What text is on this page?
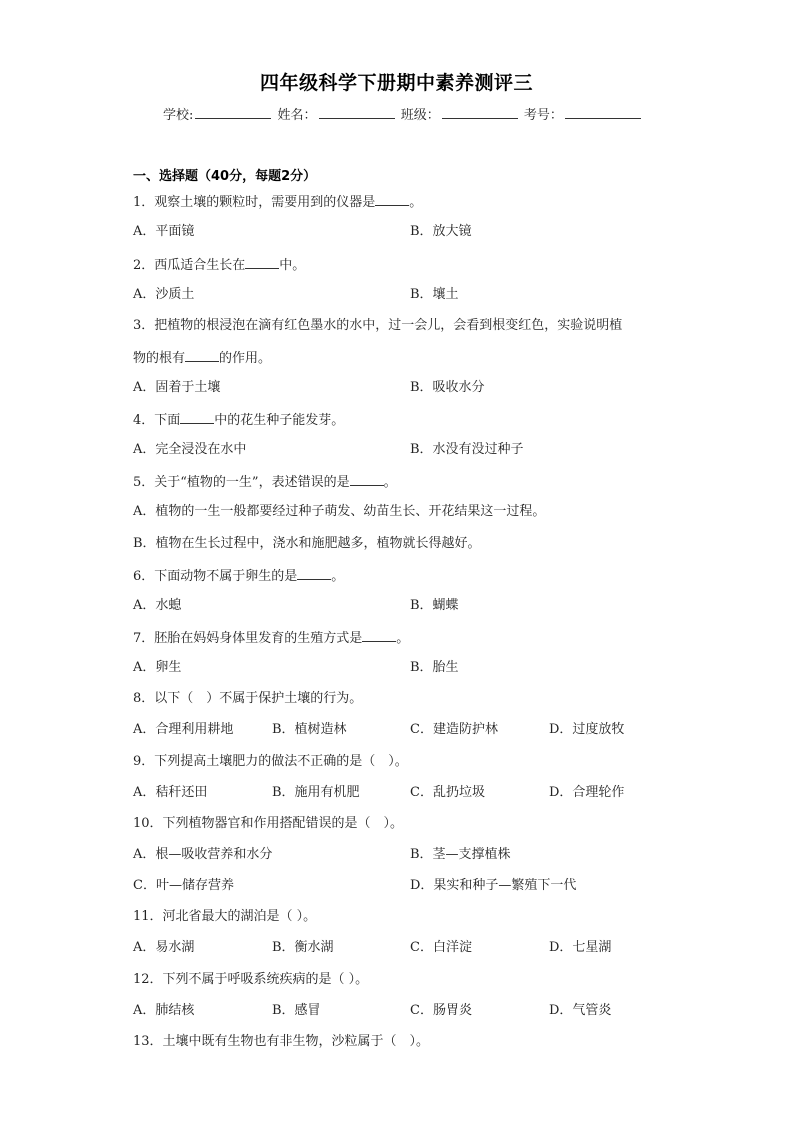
四年级科学下册期中素养测评三
学校:	姓名：	班级：	考号：
一、选择题（40分，每题2分）
1．观察土壤的颗粒时，需要用到的仪器是	。
A．平面镜	B．放大镜
2．西瓜适合生长在	中。
A．沙质土	B．壤土
3．把植物的根浸泡在滴有红色墨水的水中，过一会儿，会看到根变红色，实验说明植
物的根有	的作用。
A．固着于土壤	B．吸收水分
4．下面	中的花生种子能发芽。
A．完全浸没在水中	B．水没有没过种子
5．关于“植物的一生”，表述错误的是	。
A．植物的一生一般都要经过种子萌发、幼苗生长、开花结果这一过程。
B．植物在生长过程中，浇水和施肥越多，植物就长得越好。
6．下面动物不属于卵生的是	。
A．水螅	B．蝴蝶
7．胚胎在妈妈身体里发育的生殖方式是	。
A．卵生	B．胎生
8．以下（　）不属于保护土壤的行为。
A．合理利用耕地	B．植树造林	C．建造防护林	D．过度放牧
9．下列提高土壤肥力的做法不正确的是（　）。
A．秸秆还田	B．施用有机肥	C．乱扔垃圾	D．合理轮作
10．下列植物器官和作用搭配错误的是（　）。
A．根—吸收营养和水分	B．茎—支撑植株
C．叶—储存营养	D．果实和种子—繁殖下一代
11．河北省最大的湖泊是（ ）。
A．易水湖	B．衡水湖	C．白洋淀	D．七星湖
12．下列不属于呼吸系统疾病的是（ ）。
A．肺结核	B．感冒	C．肠胃炎	D．气管炎
13．土壤中既有生物也有非生物，沙粒属于（　）。
